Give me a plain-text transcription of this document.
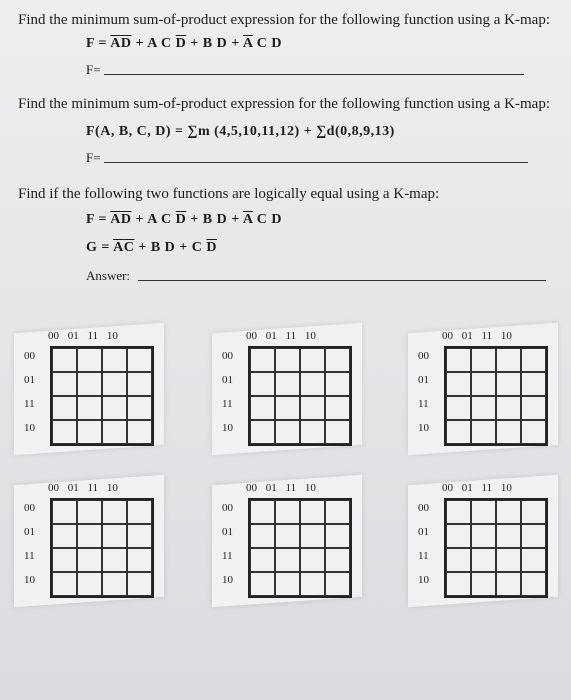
Find the minimum sum-of-product expression for the following function using a K-map:
$F = \overline{A}\overline{D} + A$ C $\overline{D} + B$ $D + \overline{A}$ C D
F=
Find the minimum sum-of-product expression for the following function using a K-map:
F(A, B, C, D) = ∑m (4,5,10,11,12) + ∑d(0,8,9,13)
F=
Find if the following two functions are logically equal using a K-map:
$F = \overline{A}\overline{D} + A$ C $\overline{D} + B$ $D + \overline{A}$ C D
$G = \overline{A}\overline{C} + B$ D + C $\overline{D}$
Answer:
00 01 11 10
00
01
11
10
00 01 11 10
00
01
11
10
00 01 11 10
00
01
11
10
00 01 11 10
00
01
11
10
00 01 11 10
00
01
11
10
00 01 11 10
00
01
11
10
